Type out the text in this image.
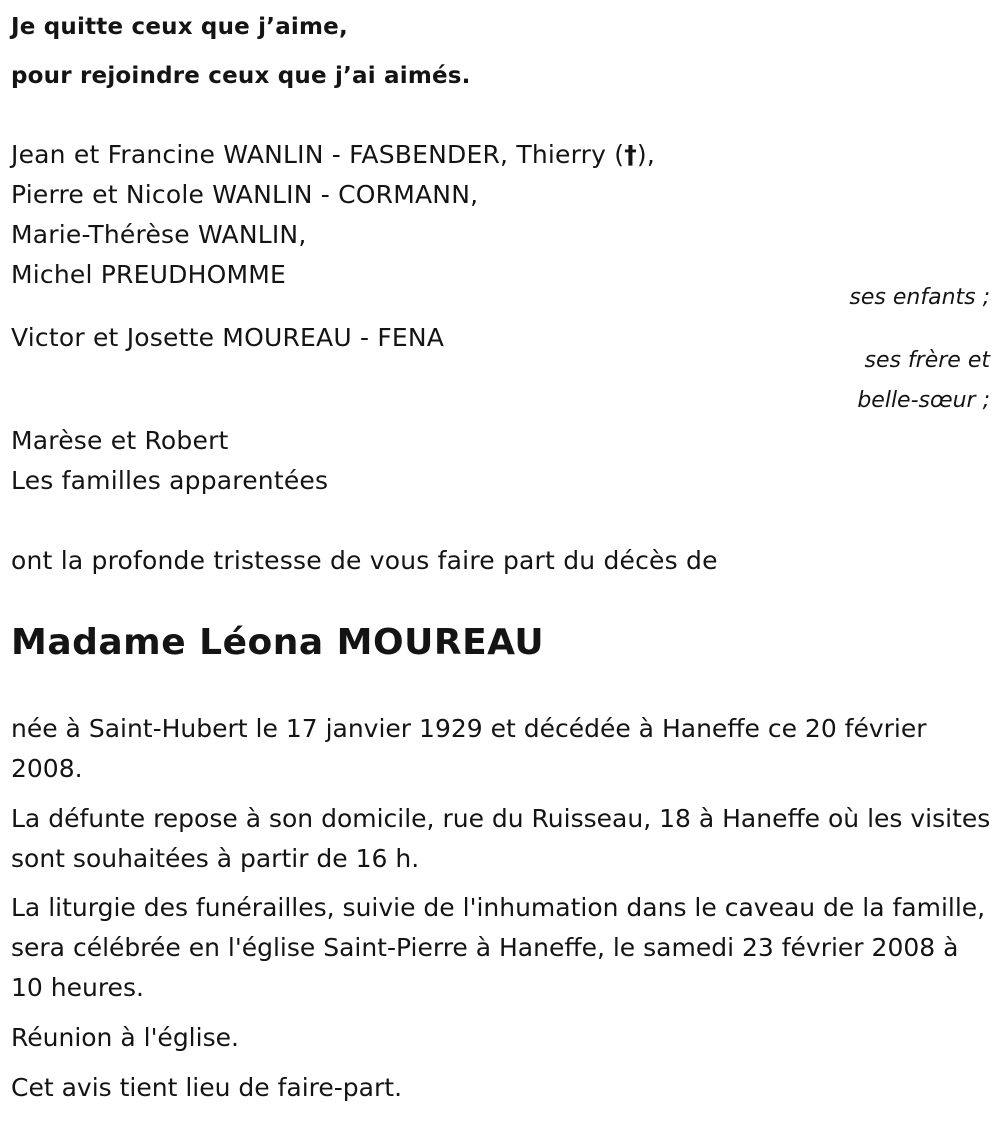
Je quitte ceux que j’aime,
pour rejoindre ceux que j’ai aimés.
Jean et Francine WANLIN - FASBENDER, Thierry (†),
Pierre et Nicole WANLIN - CORMANN,
Marie-Thérèse WANLIN,
Michel PREUDHOMME
ses enfants ;
Victor et Josette MOUREAU - FENA
ses frère et
belle-sœur ;
Marèse et Robert
Les familles apparentées
ont la profonde tristesse de vous faire part du décès de
Madame Léona MOUREAU
née à Saint-Hubert le 17 janvier 1929 et décédée à Haneffe ce 20 février 2008.
La défunte repose à son domicile, rue du Ruisseau, 18 à Haneffe où les visites sont souhaitées à partir de 16 h.
La liturgie des funérailles, suivie de l'inhumation dans le caveau de la famille, sera célébrée en l'église Saint-Pierre à Haneffe, le samedi 23 février 2008 à 10 heures.
Réunion à l'église.
Cet avis tient lieu de faire-part.
